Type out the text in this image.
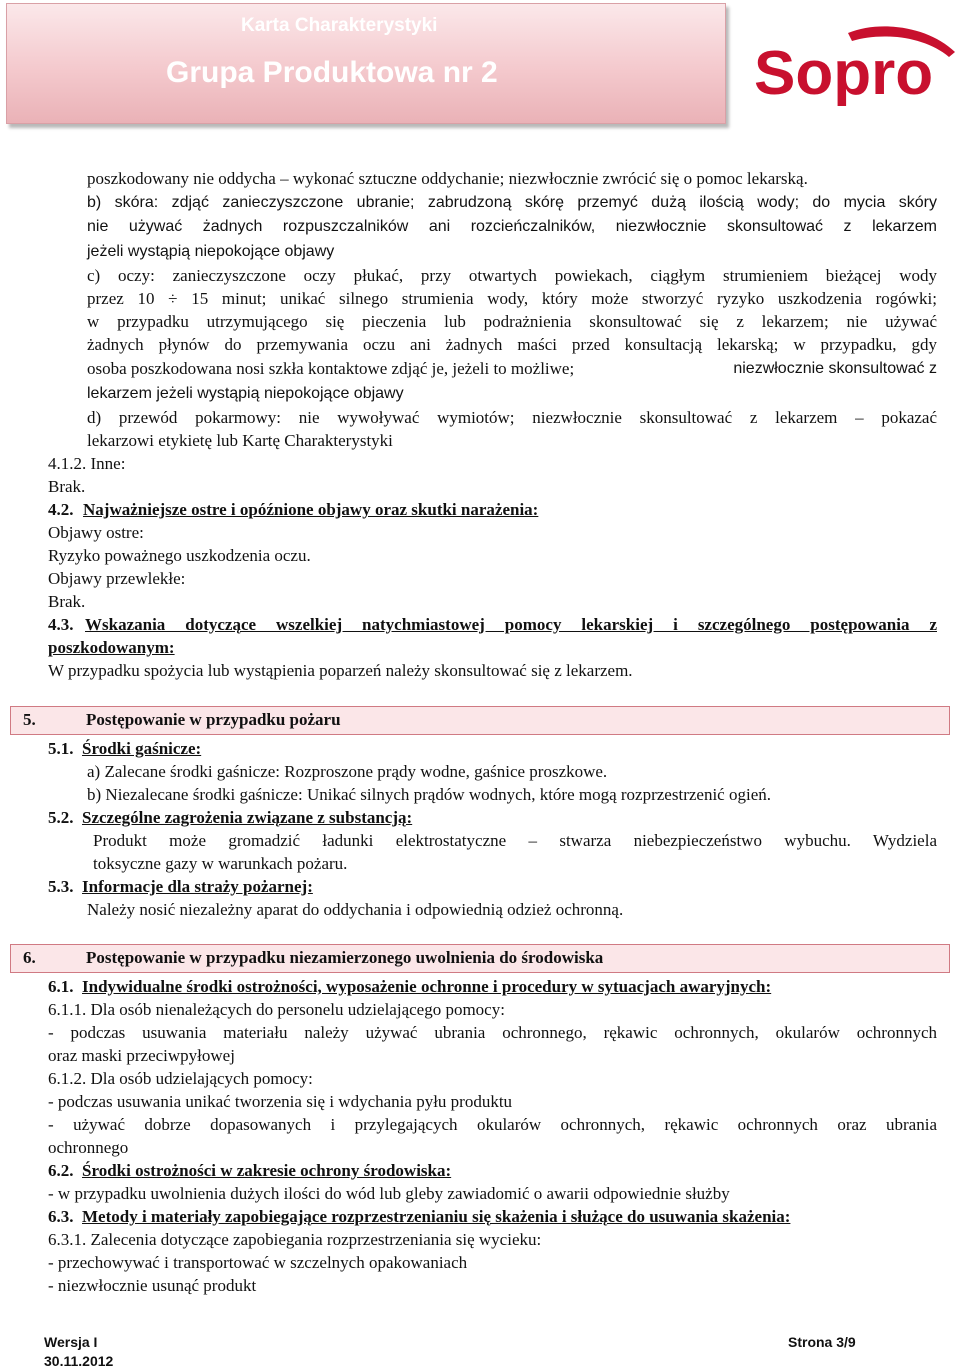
Karta Charakterystyki
Grupa Produktowa nr 2	Sopro
poszkodowany nie oddycha – wykonać sztuczne oddychanie; niezwłocznie zwrócić się o pomoc lekarską.
b) skóra: zdjąć zanieczyszczone ubranie; zabrudzoną skórę przemyć dużą ilością wody; do mycia skóry
nie używać żadnych rozpuszczalników ani rozcieńczalników, niezwłocznie skonsultować z lekarzem
jeżeli wystąpią niepokojące objawy
c) oczy: zanieczyszczone oczy płukać, przy otwartych powiekach, ciągłym strumieniem bieżącej wody
przez 10 ÷ 15 minut; unikać silnego strumienia wody, który może stworzyć ryzyko uszkodzenia rogówki;
w przypadku utrzymującego się pieczenia lub podrażnienia skonsultować się z lekarzem; nie używać
żadnych płynów do przemywania oczu ani żadnych maści przed konsultacją lekarską; w przypadku, gdy
osoba poszkodowana nosi szkła kontaktowe zdjąć je, jeżeli to możliwe;	niezwłocznie skonsultować z
lekarzem jeżeli wystąpią niepokojące objawy
d) przewód pokarmowy: nie wywoływać wymiotów; niezwłocznie skonsultować z lekarzem – pokazać
lekarzowi etykietę lub Kartę Charakterystyki
4.1.2. Inne:
Brak.
4.2. Najważniejsze ostre i opóźnione objawy oraz skutki narażenia:
Objawy ostre:
Ryzyko poważnego uszkodzenia oczu.
Objawy przewlekłe:
Brak.
4.3. Wskazania dotyczące wszelkiej natychmiastowej pomocy lekarskiej i szczególnego postępowania z
poszkodowanym:
W przypadku spożycia lub wystąpienia poparzeń należy skonsultować się z lekarzem.
5.	Postępowanie w przypadku pożaru
5.1. Środki gaśnicze:
a) Zalecane środki gaśnicze: Rozproszone prądy wodne, gaśnice proszkowe.
b) Niezalecane środki gaśnicze: Unikać silnych prądów wodnych, które mogą rozprzestrzenić ogień.
5.2. Szczególne zagrożenia związane z substancją:
Produkt może gromadzić ładunki elektrostatyczne – stwarza niebezpieczeństwo wybuchu. Wydziela
toksyczne gazy w warunkach pożaru.
5.3. Informacje dla straży pożarnej:
Należy nosić niezależny aparat do oddychania i odpowiednią odzież ochronną.
6.	Postępowanie w przypadku niezamierzonego uwolnienia do środowiska
6.1. Indywidualne środki ostrożności, wyposażenie ochronne i procedury w sytuacjach awaryjnych:
6.1.1. Dla osób nienależących do personelu udzielającego pomocy:
- podczas usuwania materiału należy używać ubrania ochronnego, rękawic ochronnych, okularów ochronnych
oraz maski przeciwpyłowej
6.1.2. Dla osób udzielających pomocy:
- podczas usuwania unikać tworzenia się i wdychania pyłu produktu
- używać dobrze dopasowanych i przylegających okularów ochronnych, rękawic ochronnych oraz ubrania
ochronnego
6.2. Środki ostrożności w zakresie ochrony środowiska:
- w przypadku uwolnienia dużych ilości do wód lub gleby zawiadomić o awarii odpowiednie służby
6.3. Metody i materiały zapobiegające rozprzestrzenianiu się skażenia i służące do usuwania skażenia:
6.3.1. Zalecenia dotyczące zapobiegania rozprzestrzeniania się wycieku:
- przechowywać i transportować w szczelnych opakowaniach
- niezwłocznie usunąć produkt
Wersja I
30.11.2012
Strona 3/9
